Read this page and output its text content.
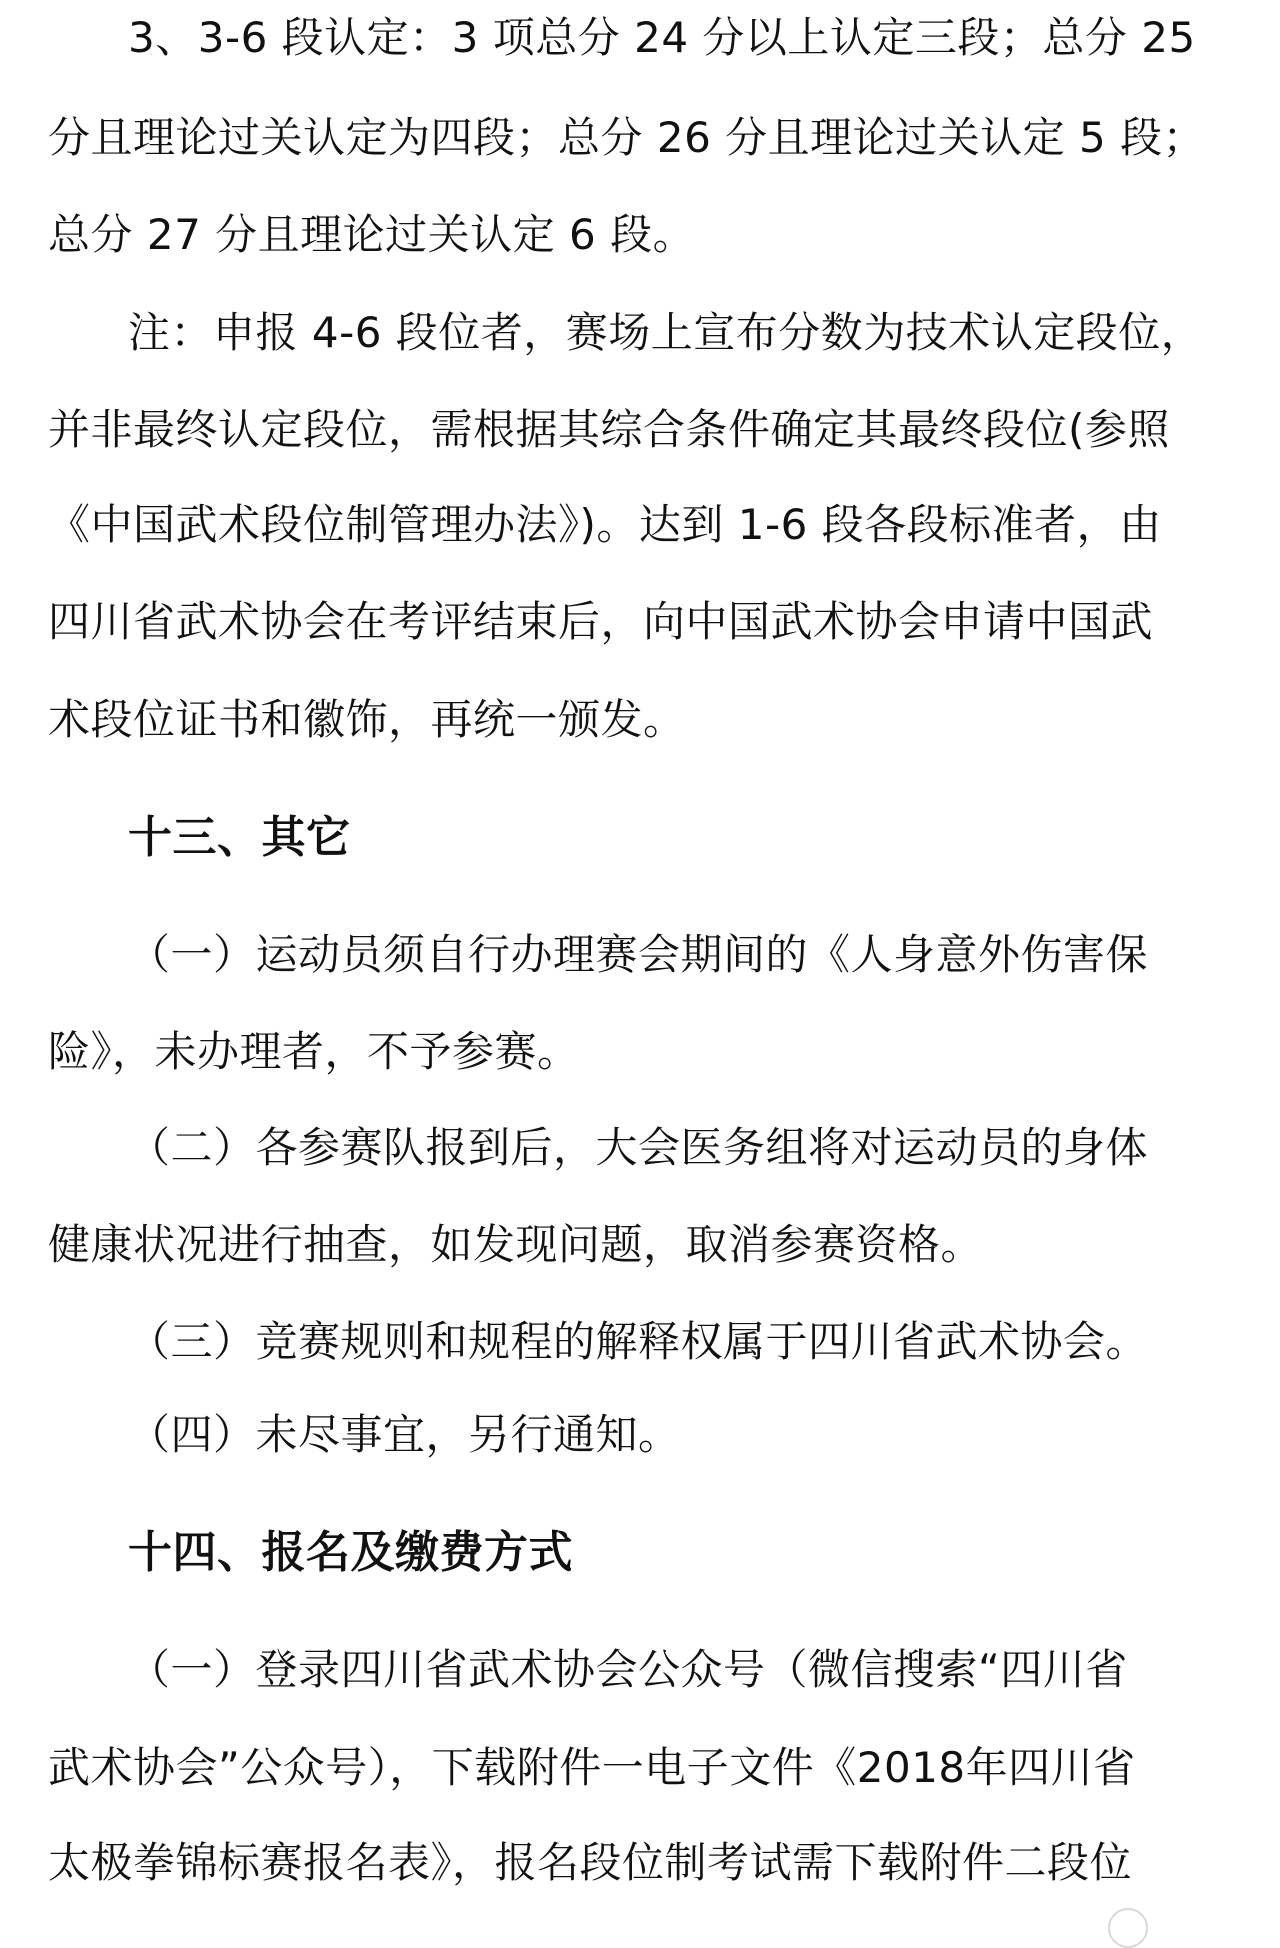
3、3-6 段认定：3 项总分 24 分以上认定三段；总分 25
分且理论过关认定为四段；总分 26 分且理论过关认定 5 段；
总分 27 分且理论过关认定 6 段。
注：申报 4-6 段位者，赛场上宣布分数为技术认定段位，
并非最终认定段位，需根据其综合条件确定其最终段位(参照
《中国武术段位制管理办法》)。达到 1-6 段各段标准者，由
四川省武术协会在考评结束后，向中国武术协会申请中国武
术段位证书和徽饰，再统一颁发。
十三、其它
（一）运动员须自行办理赛会期间的《人身意外伤害保
险》，未办理者，不予参赛。
（二）各参赛队报到后，大会医务组将对运动员的身体
健康状况进行抽查，如发现问题，取消参赛资格。
（三）竞赛规则和规程的解释权属于四川省武术协会。
（四）未尽事宜，另行通知。
十四、报名及缴费方式
（一）登录四川省武术协会公众号（微信搜索“四川省
武术协会”公众号），下载附件一电子文件《2018年四川省
太极拳锦标赛报名表》，报名段位制考试需下载附件二段位
